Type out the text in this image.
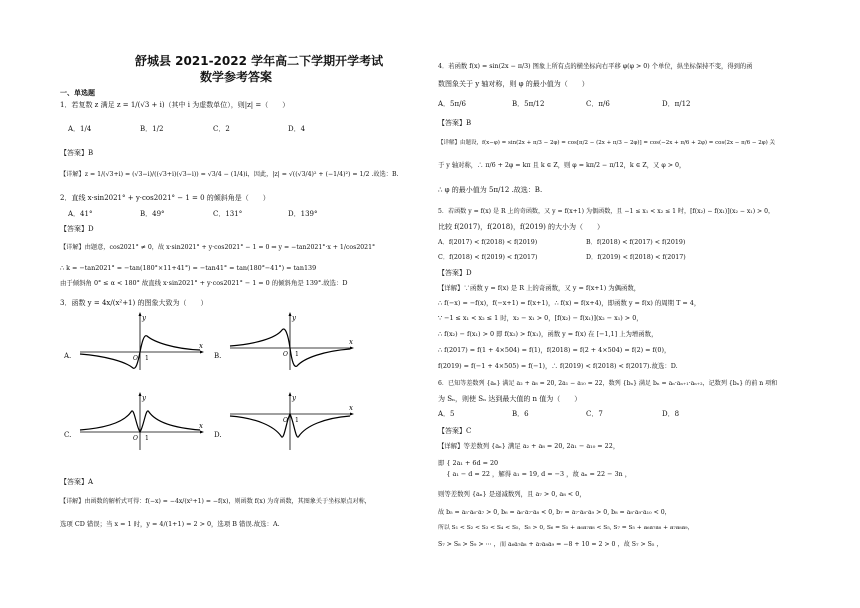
舒城县 2021-2022 学年高二下学期开学考试
数学参考答案
一、单选题
1．若复数 z 满足 z = 1/(√3 + i)（其中 i 为虚数单位），则|z| =（　　）
A．1/4	B．1/2	C．2	D．4
【答案】B
【详解】z = 1/(√3+i) = (√3−i)/((√3+i)(√3−i)) = √3/4 − (1/4)i，因此，|z| = √((√3/4)² + (−1/4)²) = 1/2 .故选：B.
2．直线 x·sin2021° + y·cos2021° − 1 = 0 的倾斜角是（　　）
A．41°	B．49°	C．131°	D．139°
【答案】D
【详解】由题意，cos2021° ≠ 0，故 x·sin2021° + y·cos2021° − 1 = 0 ⇒ y = −tan2021°·x + 1/cos2021°
∴ k = −tan2021° = −tan(180°×11+41°) = −tan41° = tan(180°−41°) = tan139
由于倾斜角 0° ≤ α < 180° 故直线 x·sin2021° + y·cos2021° − 1 = 0 的倾斜角是 139°.故选：D
3．函数 y = 4x/(x²+1) 的图象大致为（　　）
A.	B.
C.	D.
y
x
O 1
y
x
O 1
y
x
O 1
y
x
O 1
【答案】A
【详解】由函数的解析式可得：f(−x) = −4x/(x²+1) = −f(x)，则函数 f(x) 为奇函数，其图象关于坐标原点对称，
选项 CD 错误；当 x = 1 时，y = 4/(1+1) = 2 > 0，选项 B 错误.故选：A.
4．若函数 f(x) = sin(2x − π/3) 图象上所有点的横坐标向右平移 φ(φ > 0) 个单位，纵坐标保持不变，得到的函
数图象关于 y 轴对称，则 φ 的最小值为（　　）
A．5π/6	B．5π/12	C．π/6	D．π/12
【答案】B
【详解】由题设，f(x−φ) = sin(2x + π/3 − 2φ) = cos[π/2 − (2x + π/3 − 2φ)] = cos(−2x + π/6 + 2φ) = cos(2x − π/6 − 2φ) 关
于 y 轴对称，∴ π/6 + 2φ = kπ 且 k ∈ Z，则 φ = kπ/2 − π/12，k ∈ Z，又 φ > 0，
∴ φ 的最小值为 5π/12 .故选：B.
5．若函数 y = f(x) 是 R 上的奇函数，又 y = f(x+1) 为偶函数，且 −1 ≤ x₁ < x₂ ≤ 1 时，[f(x₂) − f(x₁)](x₂ − x₁) > 0，
比较 f(2017)，f(2018)，f(2019) 的大小为（　　）
A．f(2017) < f(2018) < f(2019)	B．f(2018) < f(2017) < f(2019)
C．f(2018) < f(2019) < f(2017)	D．f(2019) < f(2018) < f(2017)
【答案】D
【详解】∵函数 y = f(x) 是 R 上的奇函数，又 y = f(x+1) 为偶函数，
∴ f(−x) = −f(x)，f(−x+1) = f(x+1)，∴ f(x) = f(x+4)，即函数 y = f(x) 的周期 T = 4，
∵ −1 ≤ x₁ < x₂ ≤ 1 时，x₂ − x₁ > 0，[f(x₂) − f(x₁)](x₂ − x₁) > 0，
∴ f(x₂) − f(x₁) > 0 即 f(x₂) > f(x₁)，函数 y = f(x) 在 [−1,1] 上为增函数，
∴ f(2017) = f(1 + 4×504) = f(1)，f(2018) = f(2 + 4×504) = f(2) = f(0)，
f(2019) = f(−1 + 4×505) = f(−1)，∴ f(2019) < f(2018) < f(2017).故选：D.
6．已知等差数列 {aₙ} 满足 a₂ + a₈ = 20, 2a₁ − a₁₀ = 22，数列 {bₙ} 满足 bₙ = aₙ·aₙ₊₁·aₙ₊₂，记数列 {bₙ} 的前 n 项和
为 Sₙ，则使 Sₙ 达到最大值的 n 值为（　　）
A．5	B．6	C．7	D．8
【答案】C
【详解】等差数列 {aₙ} 满足 a₂ + a₈ = 20, 2a₁ − a₁₀ = 22，
即 { 2a₁ + 6d = 20
　 { a₁ − d = 22 ，解得 a₁ = 19, d = −3 ，故 aₙ = 22 − 3n ，
则等差数列 {aₙ} 是递减数列，且 a₇ > 0, a₈ < 0，
故 b₅ = a₅·a₆·a₇ > 0, b₆ = a₆·a₇·a₈ < 0, b₇ = a₇·a₈·a₉ > 0, b₈ = a₈·a₉·a₁₀ < 0，
所以 S₁ < S₂ < S₃ < S₄ < S₅，S₅ > 0, S₆ = S₅ + a₆a₇a₈ < S₅, S₇ = S₅ + a₆a₇a₈ + a₇a₈a₉，
S₇ > S₈ > S₉ > ⋯ ，而 a₆a₇a₈ + a₇a₈a₉ = −8 + 10 = 2 > 0 ，故 S₇ > S₅ ，
